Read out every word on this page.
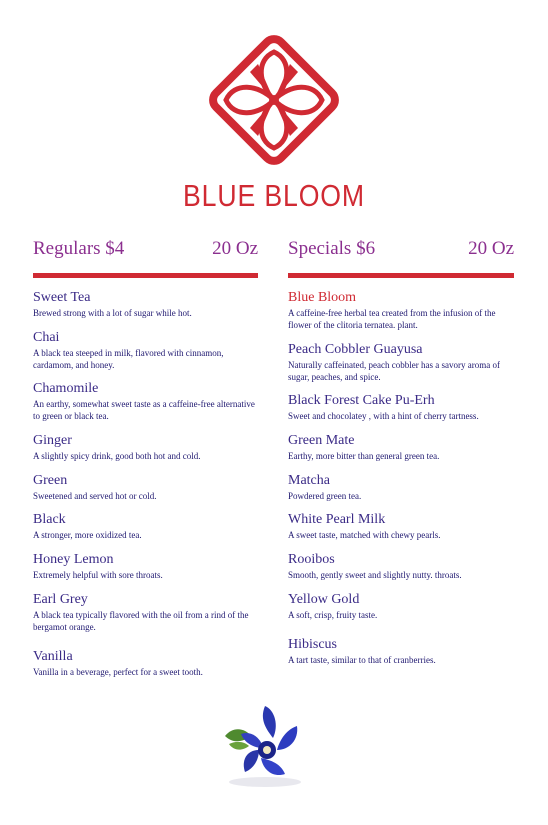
BLUE BLOOM
Regulars $4	20 Oz
Sweet Tea
Brewed strong with a lot of sugar while hot.
Chai
A black tea steeped in milk, flavored with cinnamon, cardamom, and honey.
Chamomile
An earthy, somewhat sweet taste as a caffeine-free alternative to green or black tea.
Ginger
A slightly spicy drink, good both hot and cold.
Green
Sweetened and served hot or cold.
Black
A stronger, more oxidized tea.
Honey Lemon
Extremely helpful with sore throats.
Earl Grey
A black tea typically flavored with the oil from a rind of the bergamot orange.
Vanilla
Vanilla in a beverage, perfect for a sweet tooth.
Specials $6	20 Oz
Blue Bloom
A caffeine-free herbal tea created from the infusion of the flower of the clitoria ternatea. plant.
Peach Cobbler Guayusa
Naturally caffeinated, peach cobbler has a savory aroma of sugar, peaches, and spice.
Black Forest Cake Pu-Erh
Sweet and chocolatey , with a hint of cherry tartness.
Green Mate
Earthy, more bitter than general green tea.
Matcha
Powdered green tea.
White Pearl Milk
A sweet taste, matched with chewy pearls.
Rooibos
Smooth, gently sweet and slightly nutty. throats.
Yellow Gold
A soft, crisp, fruity taste.
Hibiscus
A tart taste, similar to that of cranberries.
